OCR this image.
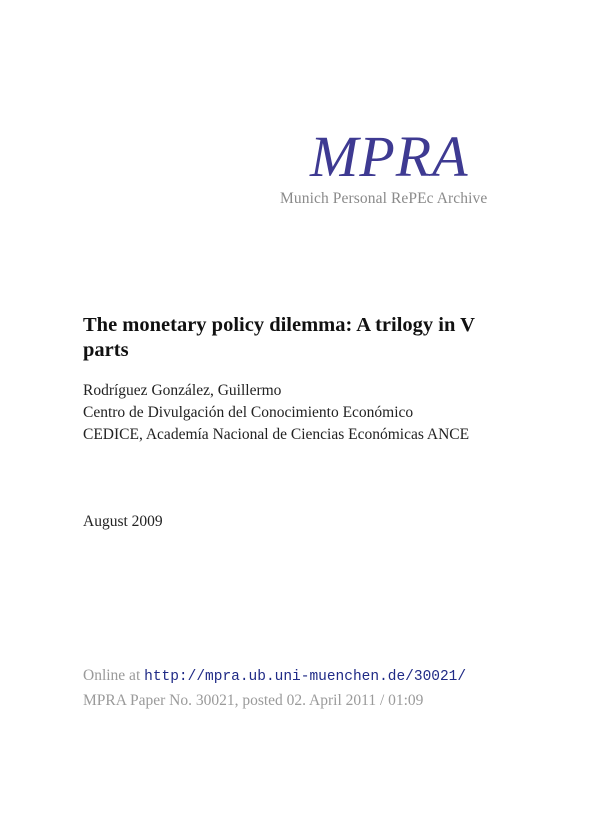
MPRA
Munich Personal RePEc Archive
The monetary policy dilemma: A trilogy in V parts
Rodríguez González, Guillermo
Centro de Divulgación del Conocimiento Económico
CEDICE, Academía Nacional de Ciencias Económicas ANCE
August 2009
Online at http://mpra.ub.uni-muenchen.de/30021/
MPRA Paper No. 30021, posted 02. April 2011 / 01:09
